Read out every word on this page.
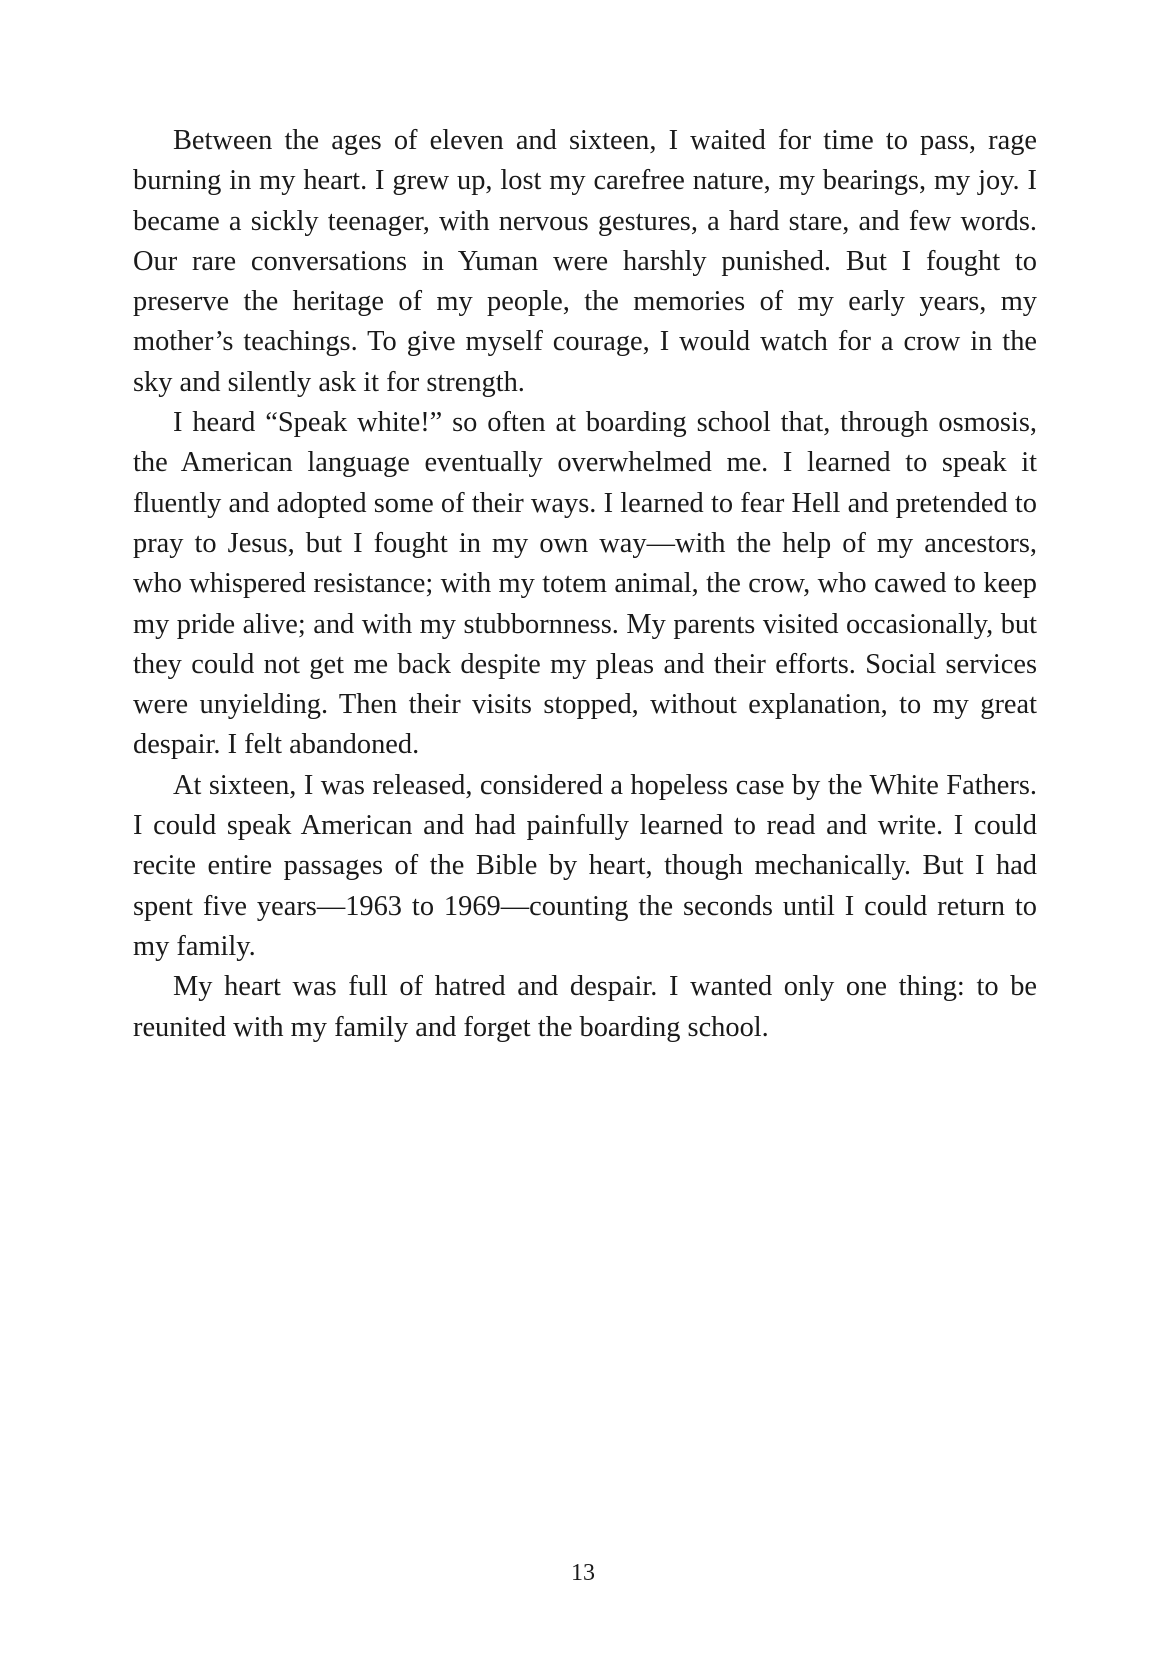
Between the ages of eleven and sixteen, I waited for time to pass, rage burning in my heart. I grew up, lost my carefree nature, my bearings, my joy. I became a sickly teenager, with nervous gestures, a hard stare, and few words. Our rare conversations in Yuman were harshly punished. But I fought to preserve the heritage of my people, the memories of my early years, my mother’s teachings. To give myself courage, I would watch for a crow in the sky and silently ask it for strength.

I heard “Speak white!” so often at boarding school that, through osmosis, the American language eventually overwhelmed me. I learned to speak it fluently and adopted some of their ways. I learned to fear Hell and pretended to pray to Jesus, but I fought in my own way—with the help of my ancestors, who whispered resistance; with my totem animal, the crow, who cawed to keep my pride alive; and with my stubbornness. My parents visited occasionally, but they could not get me back despite my pleas and their efforts. Social services were unyielding. Then their visits stopped, without explanation, to my great despair. I felt abandoned.

At sixteen, I was released, considered a hopeless case by the White Fathers. I could speak American and had painfully learned to read and write. I could recite entire passages of the Bible by heart, though mechanically. But I had spent five years—1963 to 1969—counting the seconds until I could return to my family.

My heart was full of hatred and despair. I wanted only one thing: to be reunited with my family and forget the boarding school.

13
